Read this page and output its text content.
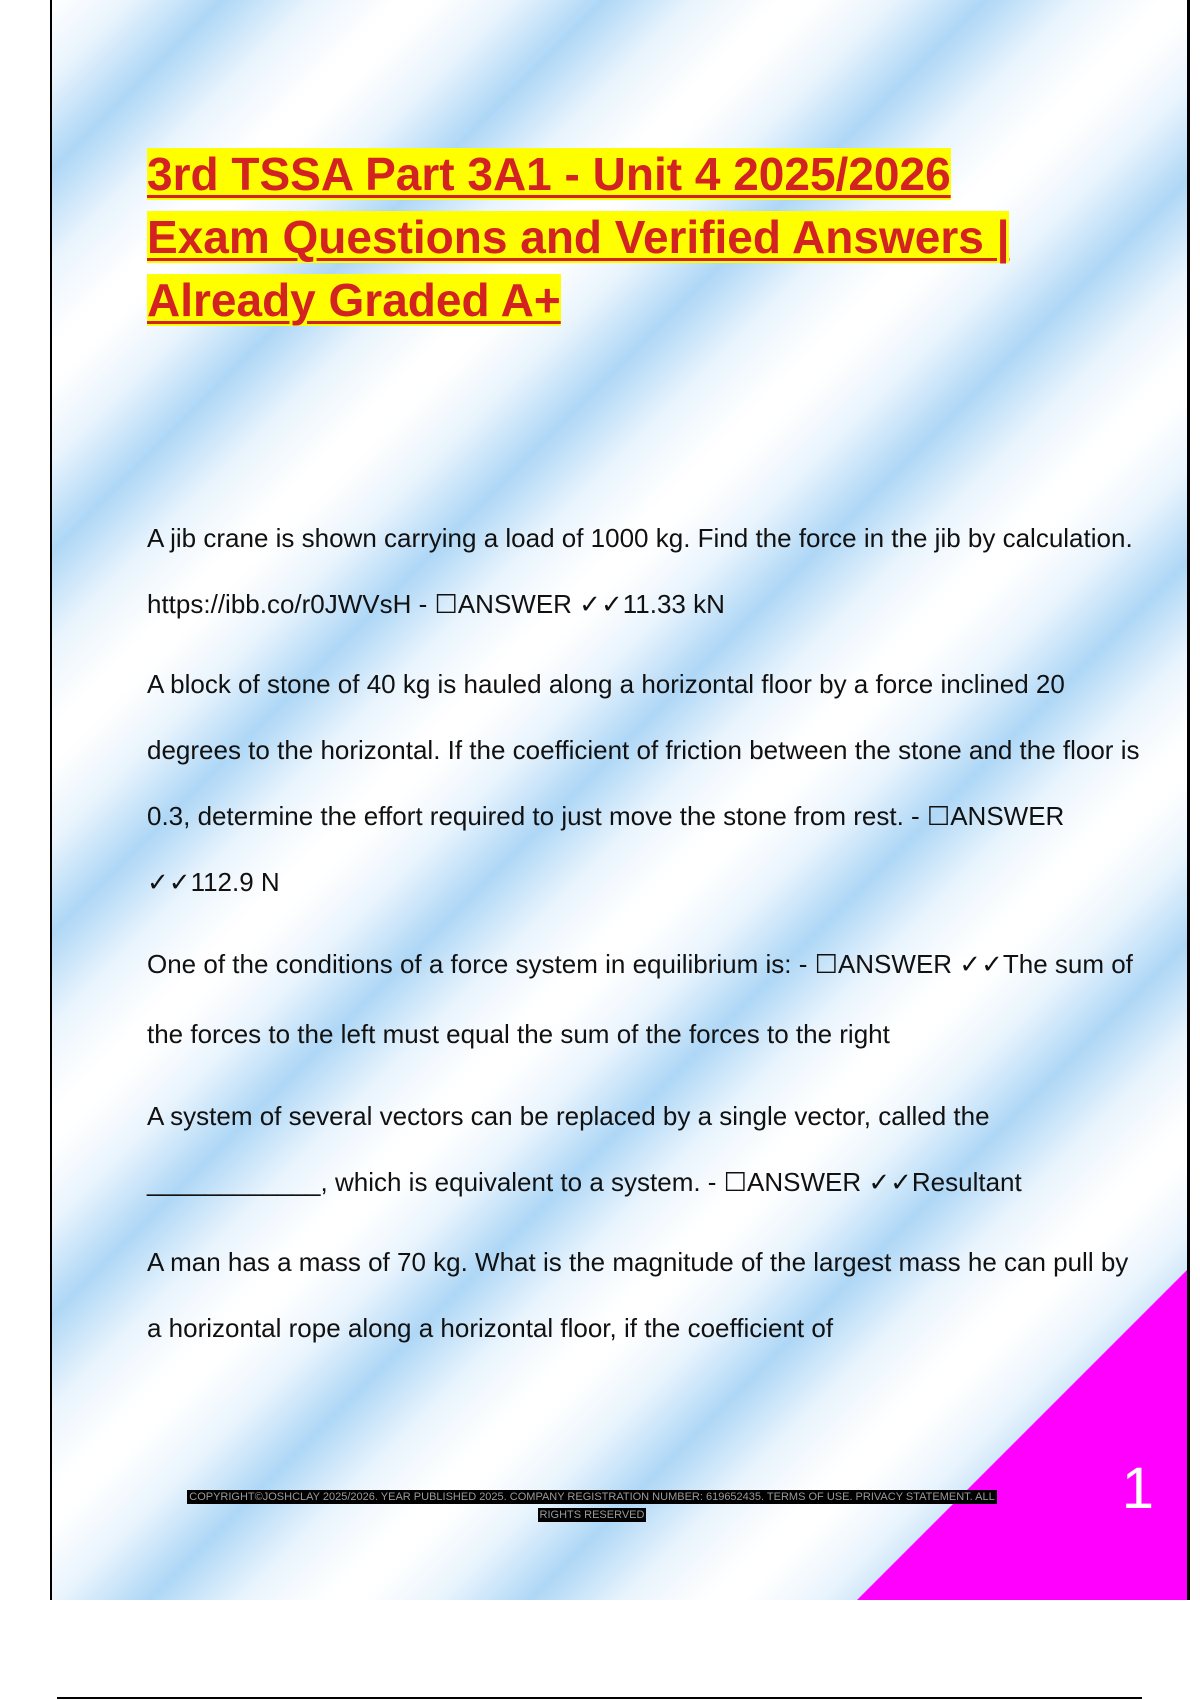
3rd TSSA Part 3A1 - Unit 4 2025/2026
Exam Questions and Verified Answers |
Already Graded A+

A jib crane is shown carrying a load of 1000 kg. Find the force in the jib by calculation. https://ibb.co/r0JWVsH - ☐ANSWER ✓✓11.33 kN

A block of stone of 40 kg is hauled along a horizontal floor by a force inclined 20 degrees to the horizontal. If the coefficient of friction between the stone and the floor is 0.3, determine the effort required to just move the stone from rest. - ☐ANSWER ✓✓112.9 N

One of the conditions of a force system in equilibrium is: - ☐ANSWER ✓✓The sum of the forces to the left must equal the sum of the forces to the right

A system of several vectors can be replaced by a single vector, called the ____________, which is equivalent to a system. - ☐ANSWER ✓✓Resultant

A man has a mass of 70 kg. What is the magnitude of the largest mass he can pull by a horizontal rope along a horizontal floor, if the coefficient of

1
COPYRIGHT©JOSHCLAY 2025/2026. YEAR PUBLISHED 2025. COMPANY REGISTRATION NUMBER: 619652435. TERMS OF USE. PRIVACY STATEMENT. ALL RIGHTS RESERVED
